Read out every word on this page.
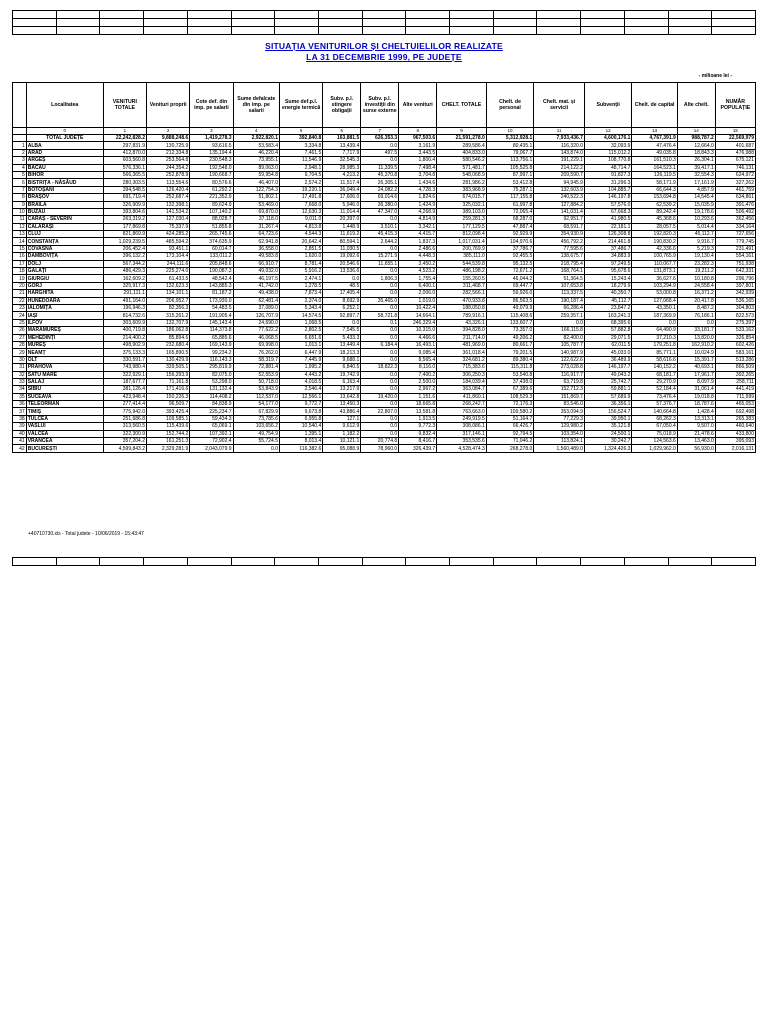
SITUAȚIA VENITURILOR ȘI CHELTUIELILOR REALIZATE
LA 31 DECEMBRIE 1999, PE JUDEȚE
- milioane lei -
	Localitatea	VENITURI TOTALE	Venituri proprii	Cote def. din imp. pe salarii	Sume defalcate din imp. pe salarii	Sume def.p.l. energie termică	Subv. p.l. stingere obligații	Subv. p.l. investiții din surse externe	Alte venituri	CHELT. TOTALE	Chelt. de personal	Chelt. mat. și servicii	Subvenții	Chelt. de capital	Alte chelt.	NUMĂR POPULAȚIE
	0	1	2	3	4	5	6	7	8	9	10	11	12	13	14	15
	TOTAL JUDEȚE	22,242,828.2	9,888,248.6	1,419,278.3	2,922,820.1	392,840.8	163,881.5	626,353.3	967,503.6	21,591,278.0	5,312,928.1	7,933,436.7	4,600,176.1	4,767,391.9	988,787.2	22,569,979
1	ALBA	297,831.9	130,725.9	93,616.5	53,583.4	3,334.8	13,439.4	0.0	3,161.9	289,586.4	80,435.1	116,320.0	32,093.9	47,476.4	12,664.0	401,687
2	ARAD	412,870.0	212,334.8	135,194.4	46,220.4	7,461.5	7,717.9	497.5	3,443.5	404,833.0	79,067.7	143,874.0	115,012.2	49,035.8	18,843.3	476,988
3	ARGEȘ	603,560.8	253,564.8	230,548.3	73,955.1	11,546.9	32,545.3	0.0	1,800.4	580,546.2	113,756.1	191,229.1	108,770.8	161,510.3	26,304.1	675,121
4	BACĂU	576,336.1	244,354.2	192,548.0	89,063.0	2,948.1	28,985.3	11,339.5	7,498.4	571,481.7	105,525.8	214,122.2	48,714.7	164,523.1	39,417.1	746,131
5	BIHOR	566,365.5	252,878.9	190,668.7	59,954.8	9,704.5	4,213.2	45,370.8	3,704.8	548,068.9	87,997.1	209,590.7	91,827.3	126,119.5	32,554.3	624,972
6	BISTRIȚA - NĂSĂUD	280,303.5	113,554.6	80,576.6	46,407.0	2,574.2	11,517.4	26,305.1	1,434.6	281,986.2	53,412.8	94,945.9	31,296.3	58,171.9	17,161.9	327,262
7	BOTOȘANI	394,548.5	126,420.4	61,292.2	122,754.3	19,220.1	36,049.4	24,082.2	4,728.3	383,968.9	75,287.1	132,603.9	104,885.7	66,644.3	4,857.9	461,759
8	BRAȘOV	691,719.4	252,687.4	221,352.9	51,802.1	17,491.8	17,606.0	69,014.6	1,824.6	674,015.7	117,155.8	240,522.3	146,197.8	153,694.8	14,545.4	634,861
9	BRĂILA	326,909.9	132,398.1	89,624.9	53,469.0	7,668.0	5,946.0	36,380.0	1,424.9	325,032.1	61,997.8	127,884.2	57,576.0	62,539.2	15,035.9	391,476
10	BUZĂU	393,804.6	141,534.2	107,140.2	69,870.0	12,630.3	11,014.4	47,347.0	4,268.9	389,103.0	72,065.4	141,031.4	67,668.3	89,242.4	19,178.6	506,492
11	CARAȘ - SEVERIN	263,319.2	127,030.4	88,028.7	37,118.0	9,011.0	20,397.0	0.0	4,814.9	259,281.3	68,287.0	92,951.7	41,980.5	45,368.6	10,293.6	362,456
12	CĂLĂRAȘI	177,869.8	75,337.9	51,855.8	31,267.4	4,813.8	1,448.9	3,510.1	3,342.1	177,129.5	47,887.4	68,591.7	22,181.1	28,057.5	5,014.4	334,164
13	CLUJ	821,869.9	424,285.2	265,745.6	64,723.6	4,544.3	11,619.2	45,415.3	4,415.7	812,098.4	92,929.9	354,930.9	126,308.8	192,820.3	45,112.7	727,656
14	CONSTANȚA	1,029,239.5	485,594.2	374,635.9	62,941.8	20,642.4	80,594.1	2,644.2	1,837.3	1,017,031.4	104,970.6	456,792.2	214,461.8	190,830.2	9,916.7	779,745
15	COVASNA	206,452.4	93,451.1	60,014.7	36,558.0	2,851.5	11,030.5	0.0	2,486.6	200,769.9	37,786.7	77,595.6	37,486.7	42,336.6	5,219.3	231,491
16	DÂMBOVIȚA	396,132.2	173,104.4	133,011.2	49,583.8	1,620.0	19,092.6	15,271.9	4,448.3	385,111.0	92,455.5	138,675.7	34,883.9	100,765.9	19,130.4	554,161
17	DOLJ	567,344.2	244,111.6	205,848.6	66,910.7	8,781.4	20,546.6	11,655.1	3,450.2	544,539.8	95,132.5	218,795.4	97,249.5	110,067.7	23,282.3	751,938
18	GALAȚI	486,429.3	225,274.0	190,087.3	49,032.0	5,916.2	13,536.6	0.0	4,523.2	486,198.2	72,671.2	168,764.1	95,678.6	131,873.1	19,211.2	642,331
19	GIURGIU	162,609.2	61,433.5	48,542.4	46,197.5	2,474.1	0.0	1,806.3	1,755.4	155,260.5	46,044.2	51,364.5	15,243.4	36,627.6	10,180.8	296,796
20	GORJ	325,917.3	132,623.3	143,885.3	41,742.0	1,278.5	48.5	0.0	6,400.1	311,468.7	69,447.7	107,653.8	18,279.9	103,294.9	24,558.4	397,801
21	HARGHITA	291,111.1	134,101.1	81,187.2	49,438.0	7,873.4	17,405.4	0.0	2,006.0	282,566.1	59,926.0	113,337.5	40,350.7	53,000.8	16,371.2	342,939
22	HUNEDOARA	491,164.0	206,952.7	173,930.0	62,481.4	2,374.0	8,692.9	35,465.0	1,019.0	470,933.8	86,563.5	190,187.4	45,112.7	127,068.4	20,417.8	536,165
23	IALOMIȚA	196,946.3	82,356.3	54,483.5	37,089.0	5,343.4	6,252.1	0.0	10,422.4	188,050.8	49,079.9	66,286.4	23,847.2	43,350.1	8,487.2	304,803
24	IAȘI	814,732.6	315,261.2	191,905.4	126,707.9	14,574.5	92,897.7	58,721.8	14,664.1	789,916.1	115,408.6	259,357.1	163,241.3	187,369.9	76,186.1	822,573
25	ILFOV	303,609.9	132,707.9	145,143.4	24,690.0	1,068.5	0.0	0.1	246,329.4	43,326.1	133,607.7	0.0	68,395.6	0.0	0.0	275,397
26	MARAMUREȘ	400,719.8	186,062.8	114,373.8	77,622.2	2,802.5	7,545.5	0.0	10,315.0	394,828.0	73,357.0	166,115.8	57,882.8	64,490.9	33,181.7	533,162
27	MEHEDINȚI	214,400.2	85,894.6	65,885.6	46,068.5	6,651.6	5,433.3	0.0	4,466.6	211,714.0	49,206.2	82,400.0	29,071.5	37,210.3	13,820.0	326,854
28	MUREȘ	498,902.9	232,680.4	169,143.9	69,998.0	1,013.1	13,449.4	6,184.4	16,493.1	481,969.0	80,661.7	105,787.7	62,011.5	179,251.8	162,910.2	602,426
29	NEAMȚ	375,133.3	165,890.5	99,234.2	76,262.0	6,447.9	18,213.3	0.0	9,085.4	361,018.4	79,201.5	140,987.9	45,033.0	85,771.1	10,024.9	583,161
30	OLT	330,591.7	130,429.9	116,143.3	58,319.7	7,445.9	9,688.1	0.0	8,565.4	324,681.2	89,380.4	122,622.6	36,489.9	58,616.6	15,391.7	513,286
31	PRAHOVA	743,980.4	339,505.1	295,819.9	72,881.4	1,995.2	6,840.5	18,822.3	8,116.0	715,383.6	115,311.8	273,028.8	146,197.7	140,152.2	40,693.1	866,509
32	SATU MARE	322,929.1	156,293.9	82,075.0	52,553.9	4,443.2	19,742.9	0.0	7,400.2	306,250.3	53,540.8	116,917.7	49,043.2	68,181.7	17,961.7	392,265
33	SĂLAJ	187,677.7	71,161.8	53,298.0	50,718.0	4,018.5	6,163.4	0.0	2,500.0	184,039.4	37,438.0	63,719.8	25,742.7	29,270.9	8,097.9	258,711
34	SIBIU	381,126.4	171,416.6	131,132.4	53,843.9	2,546.4	13,217.9	0.0	2,967.2	363,084.7	67,389.6	152,712.3	59,881.1	52,184.4	31,061.4	441,419
35	SUCEAVA	423,948.4	150,226.3	114,408.2	112,537.0	12,566.1	13,642.8	19,420.0	1,151.6	411,860.1	108,529.3	151,869.7	57,689.9	73,476.4	19,018.8	711,999
36	TELEORMAN	277,414.4	96,509.7	84,838.9	54,177.0	9,772.7	13,450.3	0.0	18,665.8	268,242.7	72,176.3	83,546.0	36,356.1	57,376.7	18,787.6	465,053
37	TIMIȘ	775,942.0	393,425.4	225,234.7	67,829.9	9,673.8	43,886.4	22,807.0	13,581.8	763,663.0	109,580.2	353,094.9	156,524.7	140,664.8	1,428.4	692,498
38	TULCEA	251,686.8	109,585.1	59,434.3	73,785.6	6,955.8	127.1	0.0	1,913.5	249,919.5	51,164.7	77,229.3	39,950.1	68,262.3	13,313.1	265,383
39	VASLUI	313,560.5	115,439.6	65,069.1	103,656.2	10,540.4	9,612.9	0.0	9,772.3	308,086.1	66,426.7	129,980.2	35,121.8	67,050.4	9,507.0	460,640
40	VÂLCEA	322,300.9	152,744.2	107,392.1	49,754.9	1,395.1	1,182.2	0.0	9,832.4	317,146.1	92,794.5	103,354.0	24,500.1	75,018.9	21,478.6	433,800
41	VRANCEA	357,204.2	161,251.3	72,902.4	55,724.5	8,013.4	10,121.1	20,774.8	8,416.7	353,535.6	71,046.2	113,824.1	30,242.7	124,563.6	13,463.0	395,093
42	BUCUREȘTI	4,599,843.2	2,329,281.9	2,043,079.9	0.0	116,382.6	95,088.9	78,960.0	326,439.7	4,528,474.3	268,278.0	1,560,489.0	1,324,426.3	1,029,962.0	56,930.0	2,016,131
+40710730.xls - Total judete - 10/06/2019 - 15:43:47
